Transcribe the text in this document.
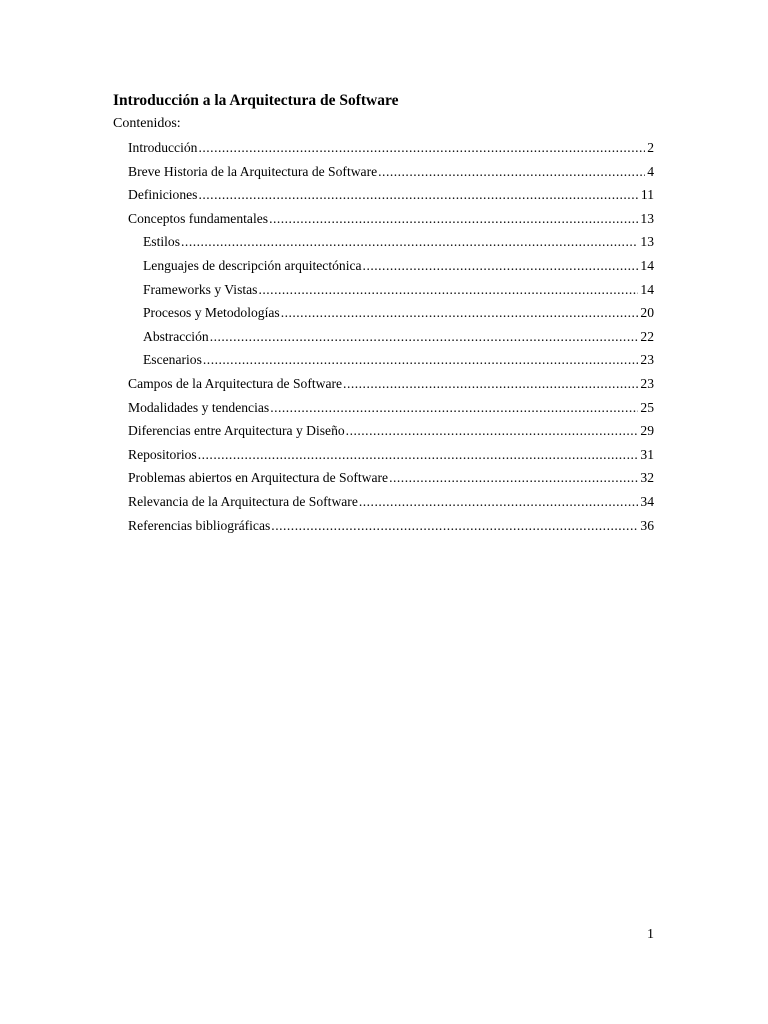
Introducción a la Arquitectura de Software
Contenidos:
Introducción .....	2
Breve Historia de la Arquitectura de Software .....	4
Definiciones .....	11
Conceptos fundamentales .....	13
Estilos .....	13
Lenguajes de descripción arquitectónica .....	14
Frameworks y Vistas .....	14
Procesos y Metodologías .....	20
Abstracción .....	22
Escenarios .....	23
Campos de la Arquitectura de Software .....	23
Modalidades y tendencias .....	25
Diferencias entre Arquitectura y Diseño .....	29
Repositorios .....	31
Problemas abiertos en Arquitectura de Software .....	32
Relevancia de la Arquitectura de Software .....	34
Referencias bibliográficas .....	36
1
